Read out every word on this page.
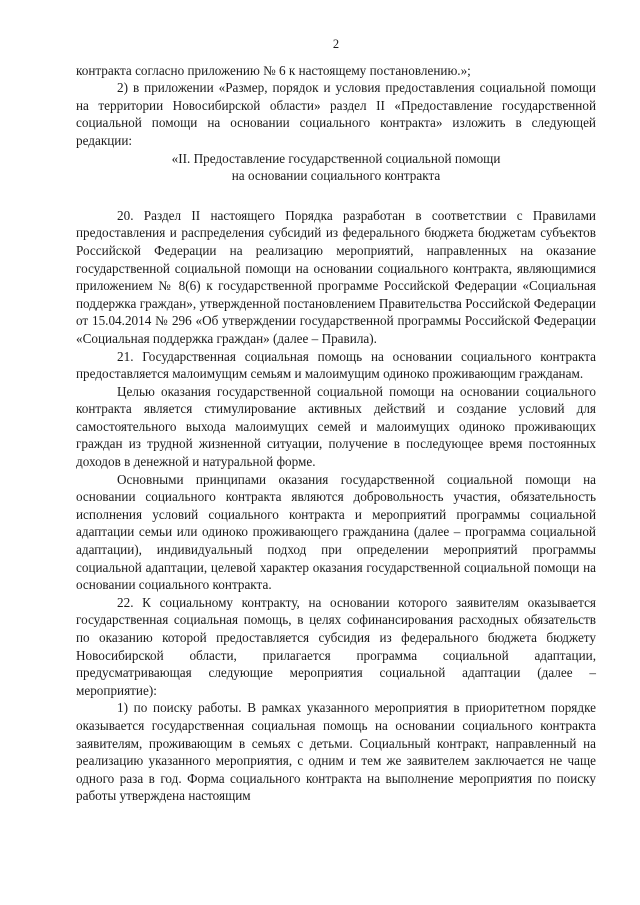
2

контракта согласно приложению № 6 к настоящему постановлению.»;

2) в приложении «Размер, порядок и условия предоставления социальной помощи на территории Новосибирской области» раздел II «Предоставление государственной социальной помощи на основании социального контракта» изложить в следующей редакции:

«II. Предоставление государственной социальной помощи

на основании социального контракта

20. Раздел II настоящего Порядка разработан в соответствии с Правилами предоставления и распределения субсидий из федерального бюджета бюджетам субъектов Российской Федерации на реализацию мероприятий, направленных на оказание государственной социальной помощи на основании социального контракта, являющимися приложением № 8(6) к государственной программе Российской Федерации «Социальная поддержка граждан», утвержденной постановлением Правительства Российской Федерации от 15.04.2014 № 296 «Об утверждении государственной программы Российской Федерации «Социальная поддержка граждан» (далее – Правила).

21. Государственная социальная помощь на основании социального контракта предоставляется малоимущим семьям и малоимущим одиноко проживающим гражданам.

Целью оказания государственной социальной помощи на основании социального контракта является стимулирование активных действий и создание условий для самостоятельного выхода малоимущих семей и малоимущих одиноко проживающих граждан из трудной жизненной ситуации, получение в последующее время постоянных доходов в денежной и натуральной форме.

Основными принципами оказания государственной социальной помощи на основании социального контракта являются добровольность участия, обязательность исполнения условий социального контракта и мероприятий программы социальной адаптации семьи или одиноко проживающего гражданина (далее – программа социальной адаптации), индивидуальный подход при определении мероприятий программы социальной адаптации, целевой характер оказания государственной социальной помощи на основании социального контракта.

22. К социальному контракту, на основании которого заявителям оказывается государственная социальная помощь, в целях софинансирования расходных обязательств по оказанию которой предоставляется субсидия из федерального бюджета бюджету Новосибирской области, прилагается программа социальной адаптации, предусматривающая следующие мероприятия социальной адаптации (далее – мероприятие):

1) по поиску работы. В рамках указанного мероприятия в приоритетном порядке оказывается государственная социальная помощь на основании социального контракта заявителям, проживающим в семьях с детьми. Социальный контракт, направленный на реализацию указанного мероприятия, с одним и тем же заявителем заключается не чаще одного раза в год. Форма социального контракта на выполнение мероприятия по поиску работы утверждена настоящим
